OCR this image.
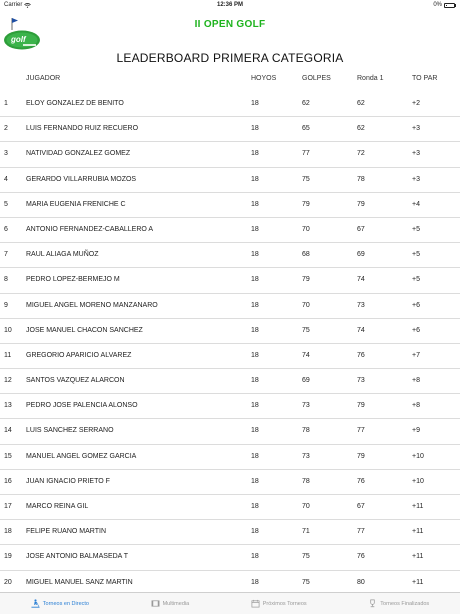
Carrier	12:36 PM	0%
golf
II OPEN GOLF
LEADERBOARD PRIMERA CATEGORIA
JUGADOR	HOYOS	GOLPES	Ronda 1	TO PAR
1	ELOY GONZALEZ DE BENITO	18	62	62	+2
2	LUIS FERNANDO RUIZ RECUERO	18	65	62	+3
3	NATIVIDAD GONZALEZ GOMEZ	18	77	72	+3
4	GERARDO VILLARRUBIA MOZOS	18	75	78	+3
5	MARIA EUGENIA FRENICHE C	18	79	79	+4
6	ANTONIO FERNANDEZ-CABALLERO A	18	70	67	+5
7	RAUL ALIAGA MUÑOZ	18	68	69	+5
8	PEDRO LOPEZ-BERMEJO M	18	79	74	+5
9	MIGUEL ANGEL MORENO MANZANARO	18	70	73	+6
10 JOSE MANUEL CHACON SANCHEZ	18	75	74	+6
11 GREGORIO APARICIO ALVAREZ	18	74	76	+7
12 SANTOS VAZQUEZ ALARCON	18	69	73	+8
13 PEDRO JOSE PALENCIA ALONSO	18	73	79	+8
14 LUIS SANCHEZ SERRANO	18	78	77	+9
15 MANUEL ANGEL GOMEZ GARCIA	18	73	79	+10
16 JUAN IGNACIO PRIETO F	18	78	76	+10
17 MARCO REINA GIL	18	70	67	+11
18 FELIPE RUANO MARTIN	18	71	77	+11
19 JOSE ANTONIO BALMASEDA T	18	75	76	+11
20 MIGUEL MANUEL SANZ MARTIN	18	75	80	+11
Torneos en Directo	Multimedia	Próximos Torneos	Torneos Finalizados
